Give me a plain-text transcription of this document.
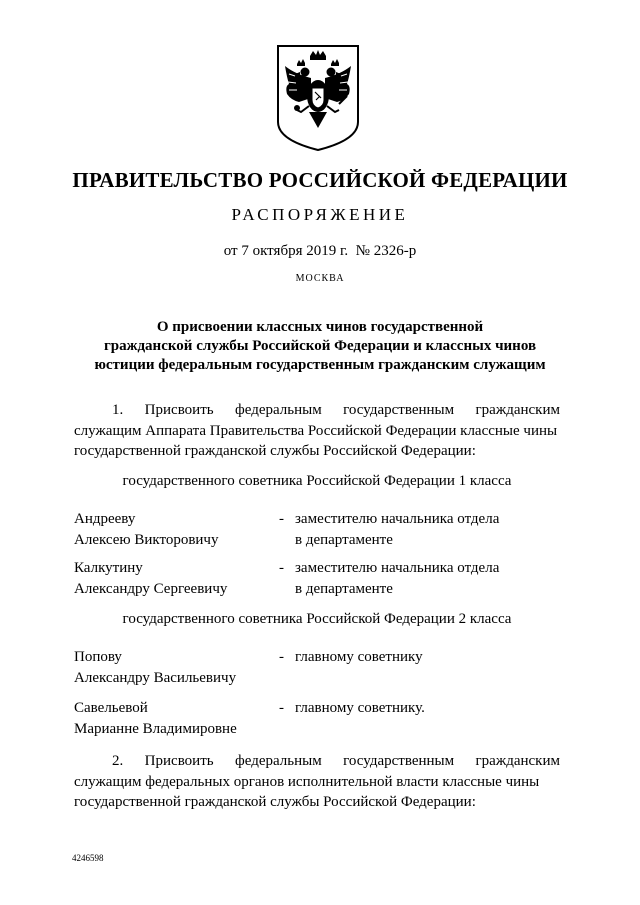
ПРАВИТЕЛЬСТВО РОССИЙСКОЙ ФЕДЕРАЦИИ
РАСПОРЯЖЕНИЕ
от 7 октября 2019 г.  № 2326-р
МОСКВА
О присвоении классных чинов государственной
гражданской службы Российской Федерации и классных чинов
юстиции федеральным государственным гражданским служащим
1. Присвоить федеральным государственным гражданским
служащим Аппарата Правительства Российской Федерации классные чины
государственной гражданской службы Российской Федерации:
государственного советника Российской Федерации 1 класса
Андрееву
Алексею Викторовичу
- заместителю начальника отдела
в департаменте
Калкутину
Александру Сергеевичу
- заместителю начальника отдела
в департаменте
государственного советника Российской Федерации 2 класса
Попову
Александру Васильевичу
- главному советнику
Савельевой
Марианне Владимировне
- главному советнику.
2. Присвоить федеральным государственным гражданским
служащим федеральных органов исполнительной власти классные чины
государственной гражданской службы Российской Федерации:
4246598
